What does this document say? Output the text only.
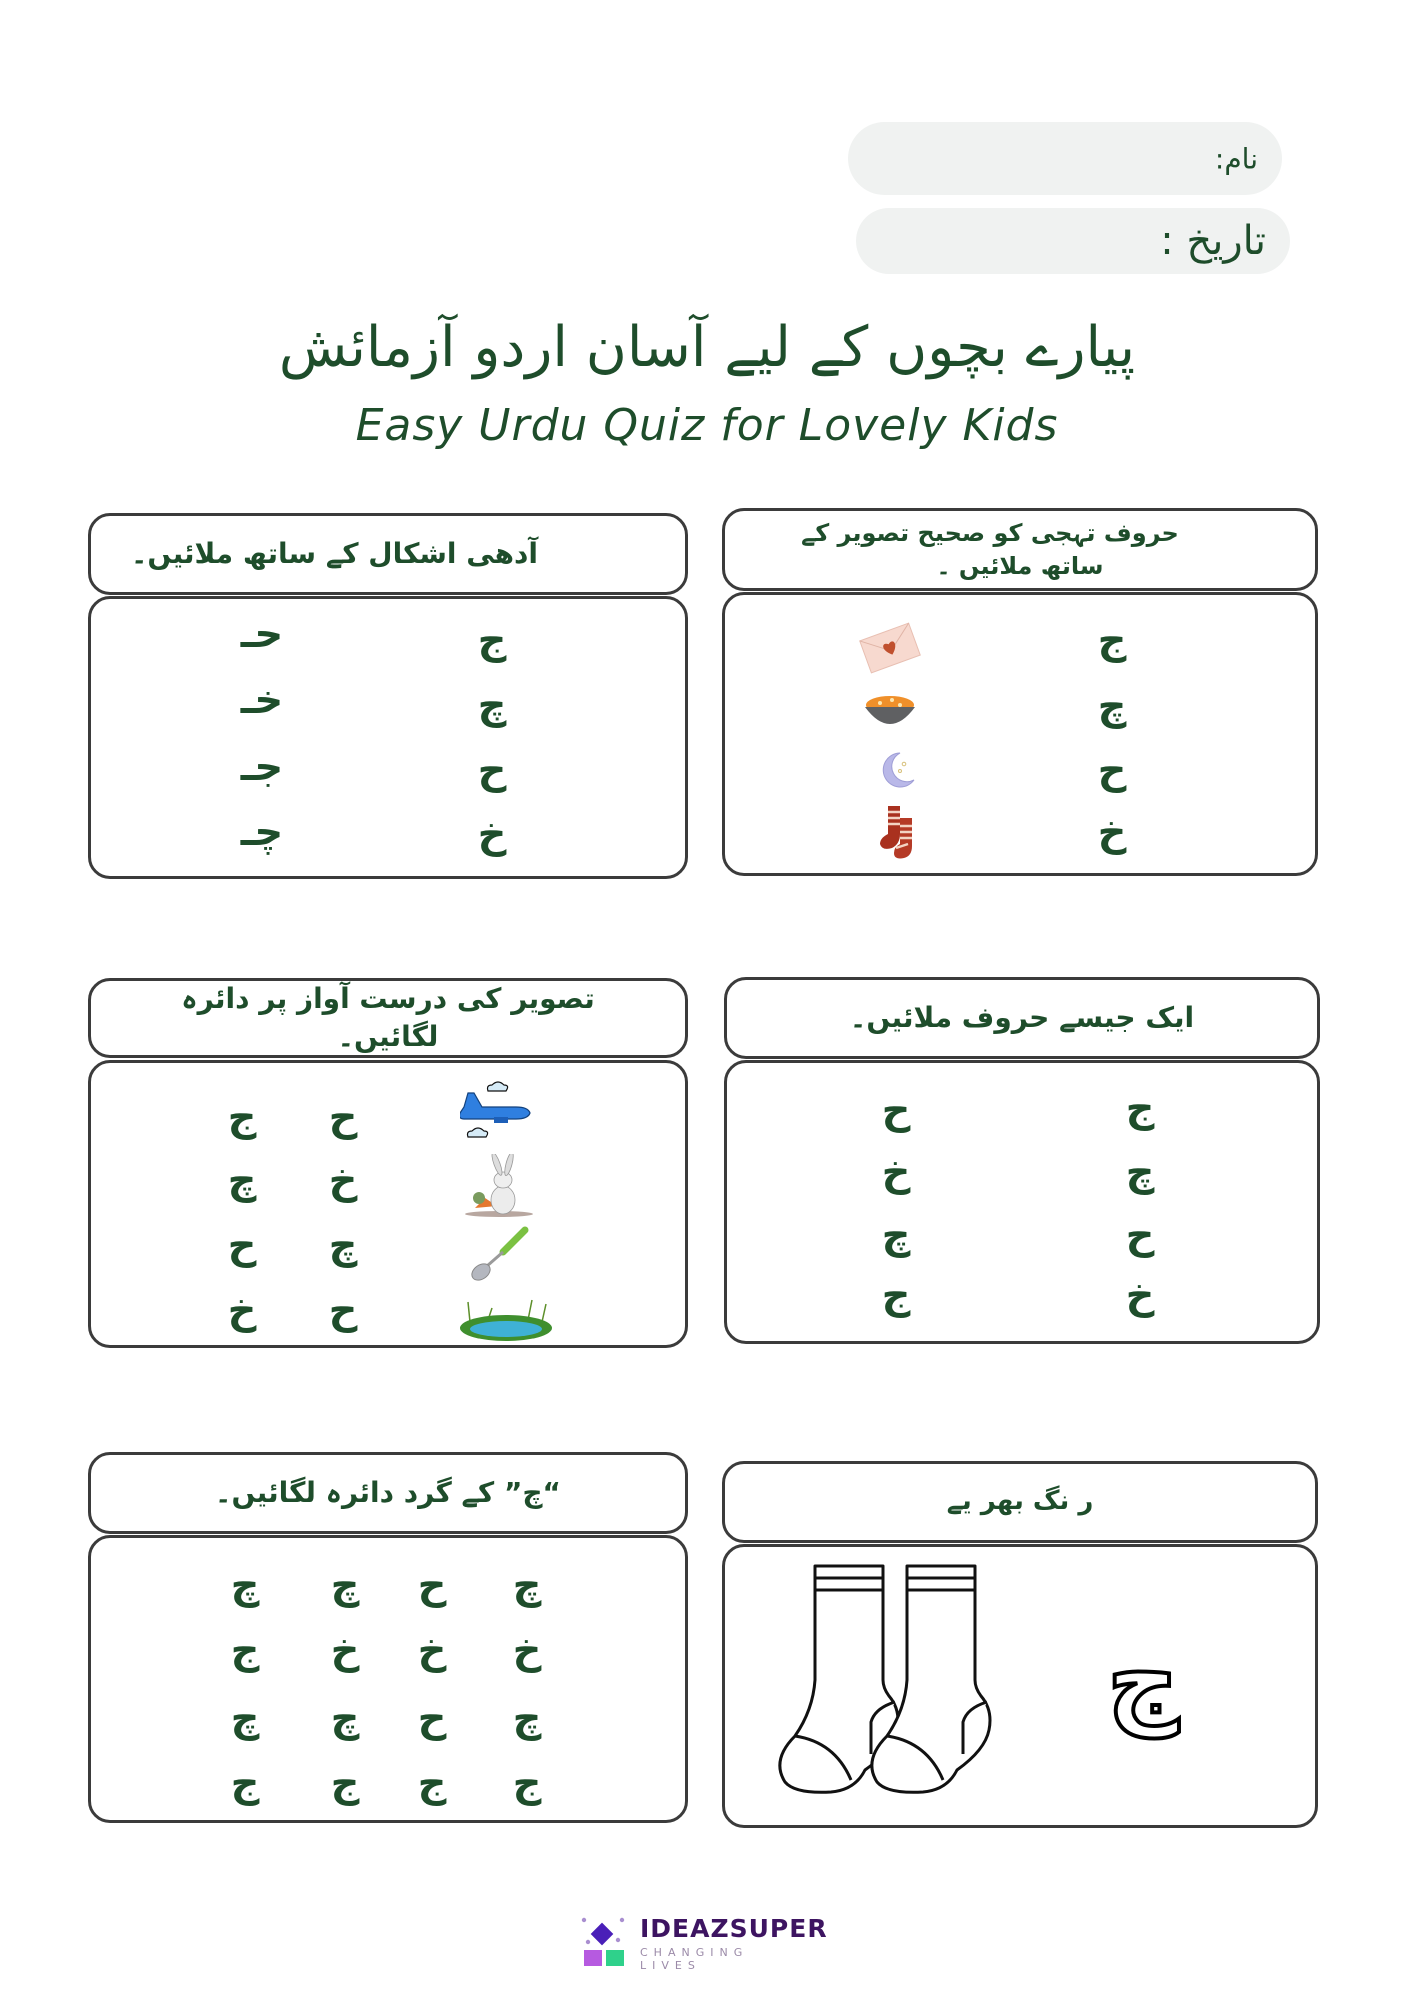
نام:
تاریخ :
پیارے بچوں کے لیے آسان اردو آزمائش
Easy Urdu Quiz for Lovely Kids
آدھی اشکال کے ساتھ ملائیں۔
ج
چ
ح
خ
حـ
خـ
جـ
چـ
حروف تہجی کو صحیح تصویر کے
ساتھ ملائیں ۔
ج
چ
ح
خ
تصویر کی درست آواز پر دائرہ لگائیں۔
ح
خ
چ
ح
ج
چ
ح
خ
ایک جیسے حروف ملائیں۔
ج
چ
ح
خ
ح
خ
چ
ج
“چ” کے گرد دائرہ لگائیں۔
چ چ ح چ
ج خ خ خ
چ چ ح چ
ج ج ج ج
ر نگ بھر یے
ج
IDEAZSUPER
CHANGING LIVES
